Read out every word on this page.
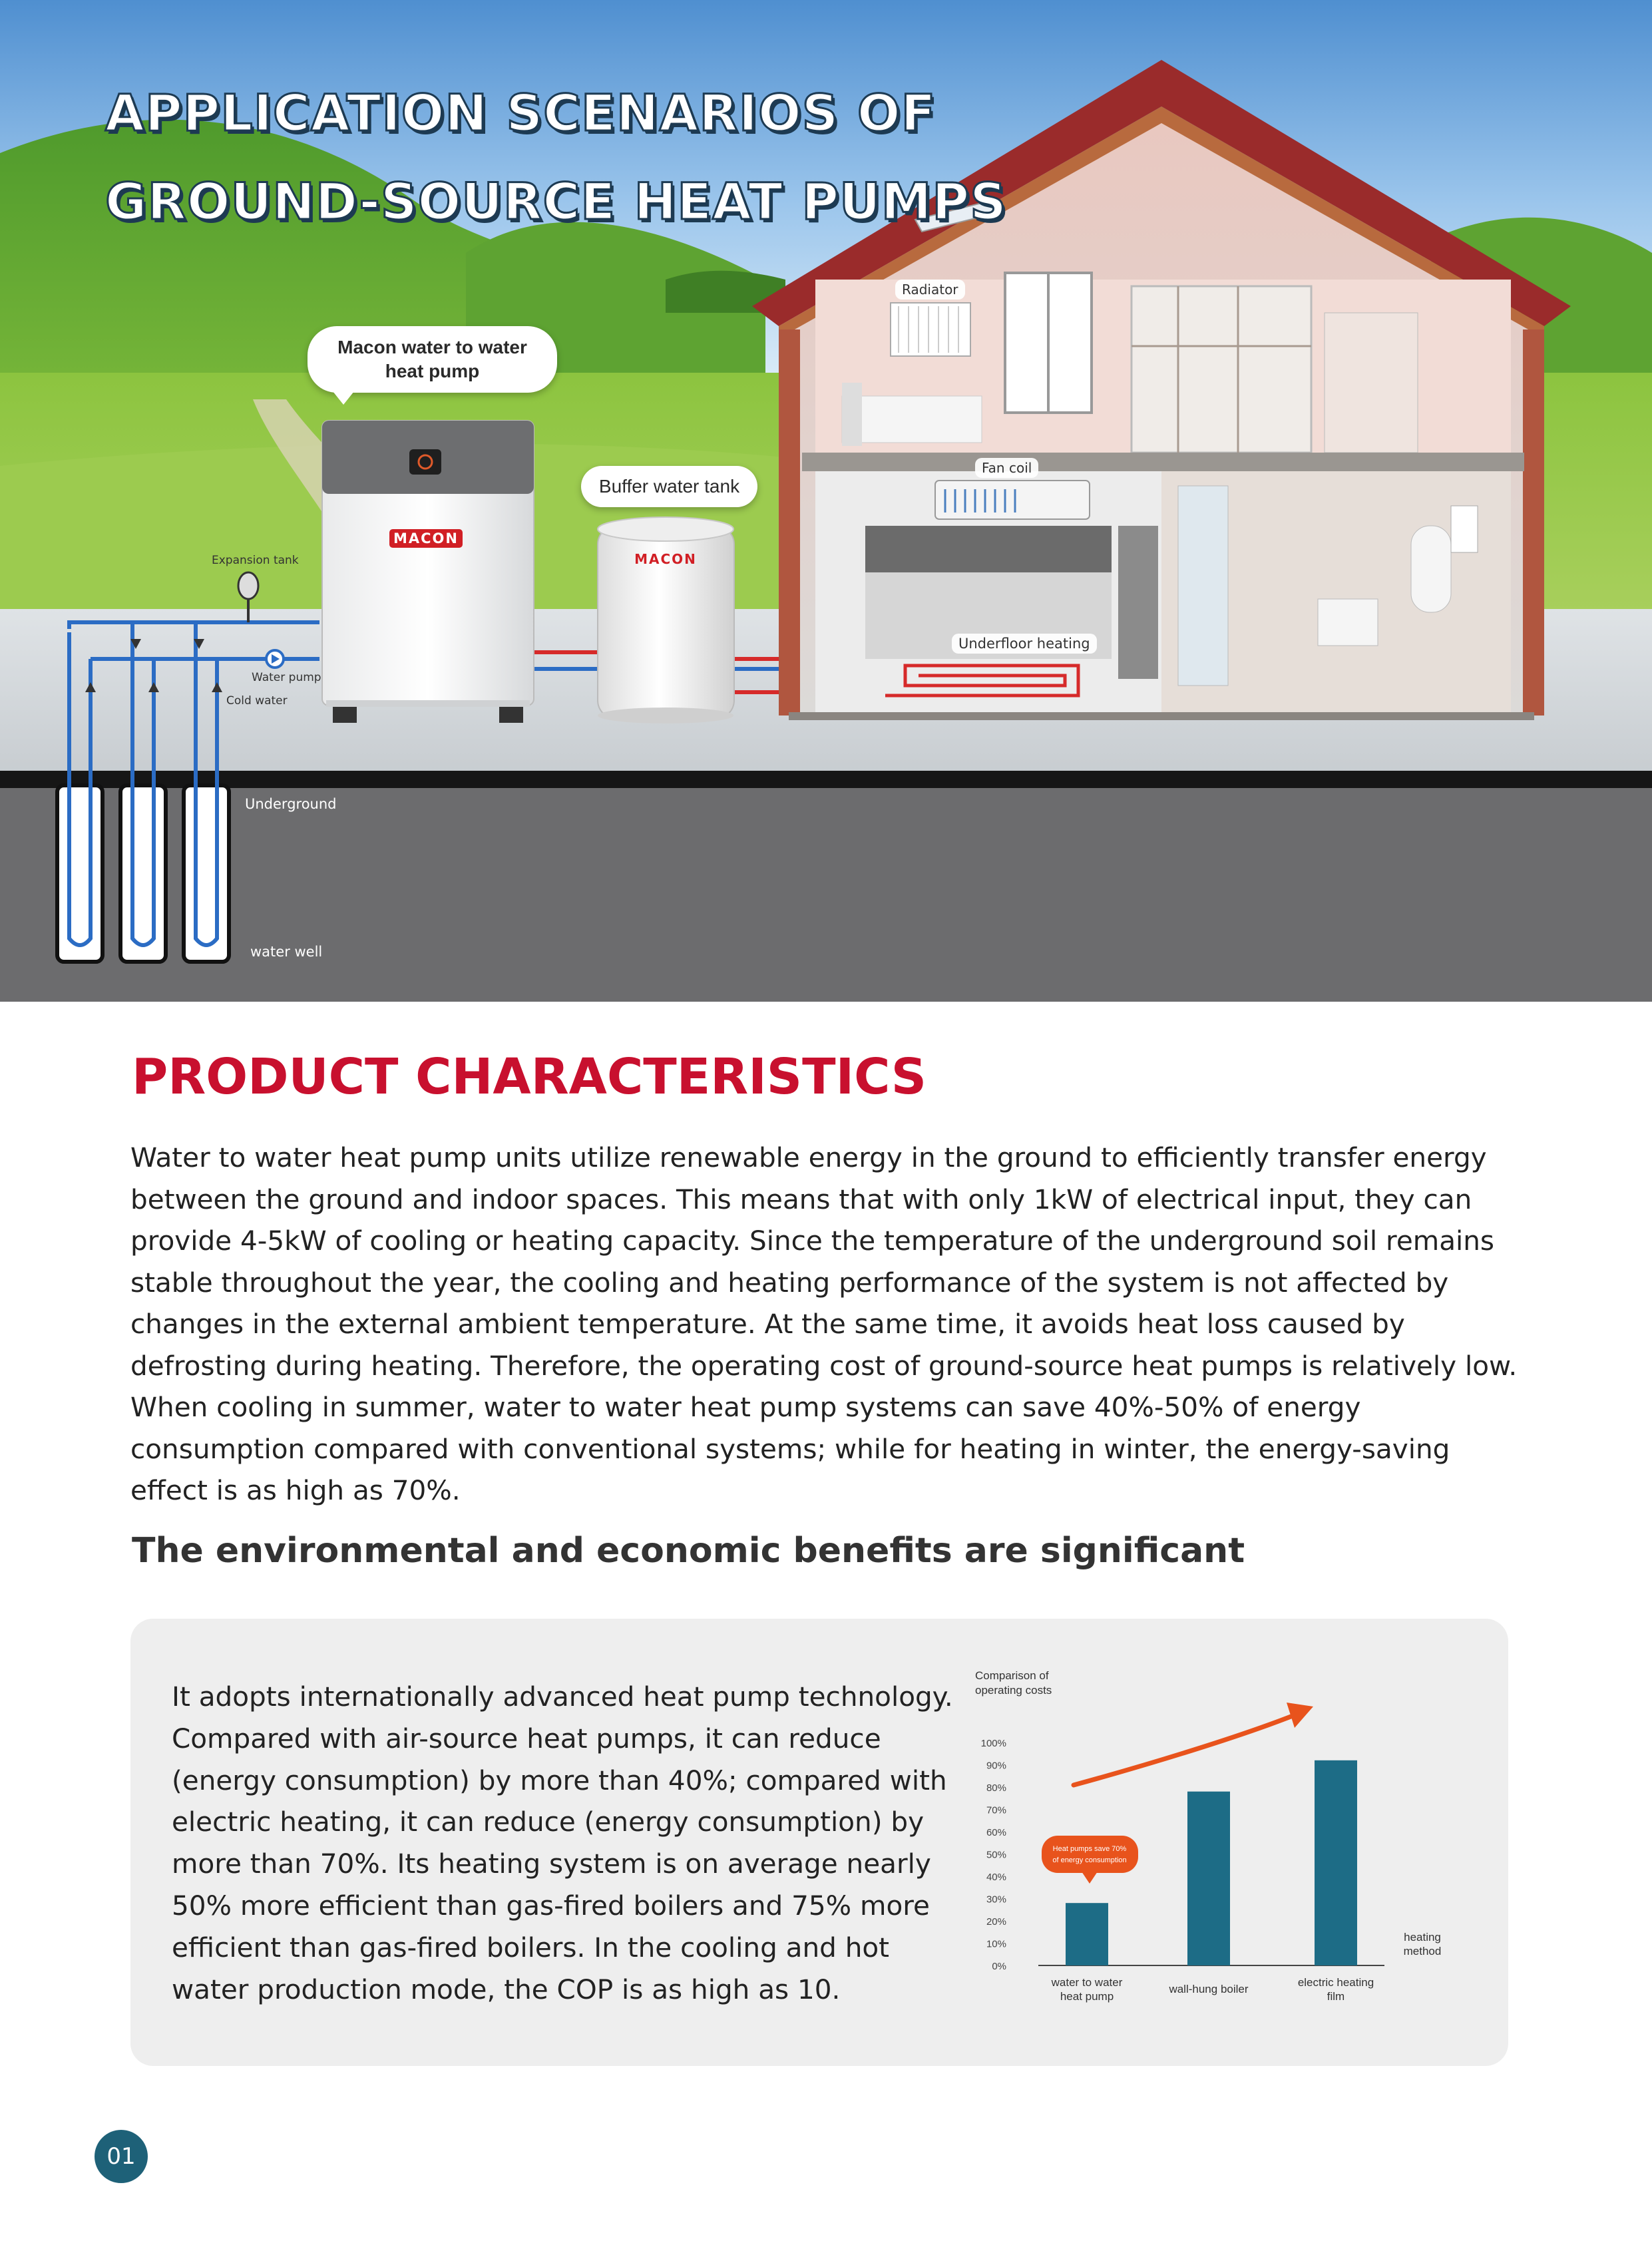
APPLICATION SCENARIOS OF
GROUND-SOURCE HEAT PUMPS
Macon water to water
heat pump
Buffer water tank
Radiator
Fan coil
Underfloor heating
Expansion tank
Water pump
Cold water
Underground
water well
MACON
MACON
PRODUCT CHARACTERISTICS

Water to water heat pump units utilize renewable energy in the ground to efficiently transfer energy between the ground and indoor spaces. This means that with only 1kW of electrical input, they can provide 4-5kW of cooling or heating capacity. Since the temperature of the underground soil remains stable throughout the year, the cooling and heating performance of the system is not affected by changes in the external ambient temperature. At the same time, it avoids heat loss caused by defrosting during heating. Therefore, the operating cost of ground-source heat pumps is relatively low.

When cooling in summer, water to water heat pump systems can save 40%-50% of energy consumption compared with conventional systems; while for heating in winter, the energy-saving effect is as high as 70%.

The environmental and economic benefits are significant
It adopts internationally advanced heat pump technology. Compared with air-source heat pumps, it can reduce (energy consumption) by more than 40%; compared with electric heating, it can reduce (energy consumption) by more than 70%. Its heating system is on average nearly 50% more efficient than gas-fired boilers and 75% more efficient than gas-fired boilers. In the cooling and hot water production mode, the COP is as high as 10.
Comparison of
operating costs
0%
10%
20%
30%
40%
50%
60%
70%
80%
90%
100%
water to water
heat pump
wall-hung boiler
electric heating
film
heating
method
Heat pumps save 70%
of energy consumption
01
